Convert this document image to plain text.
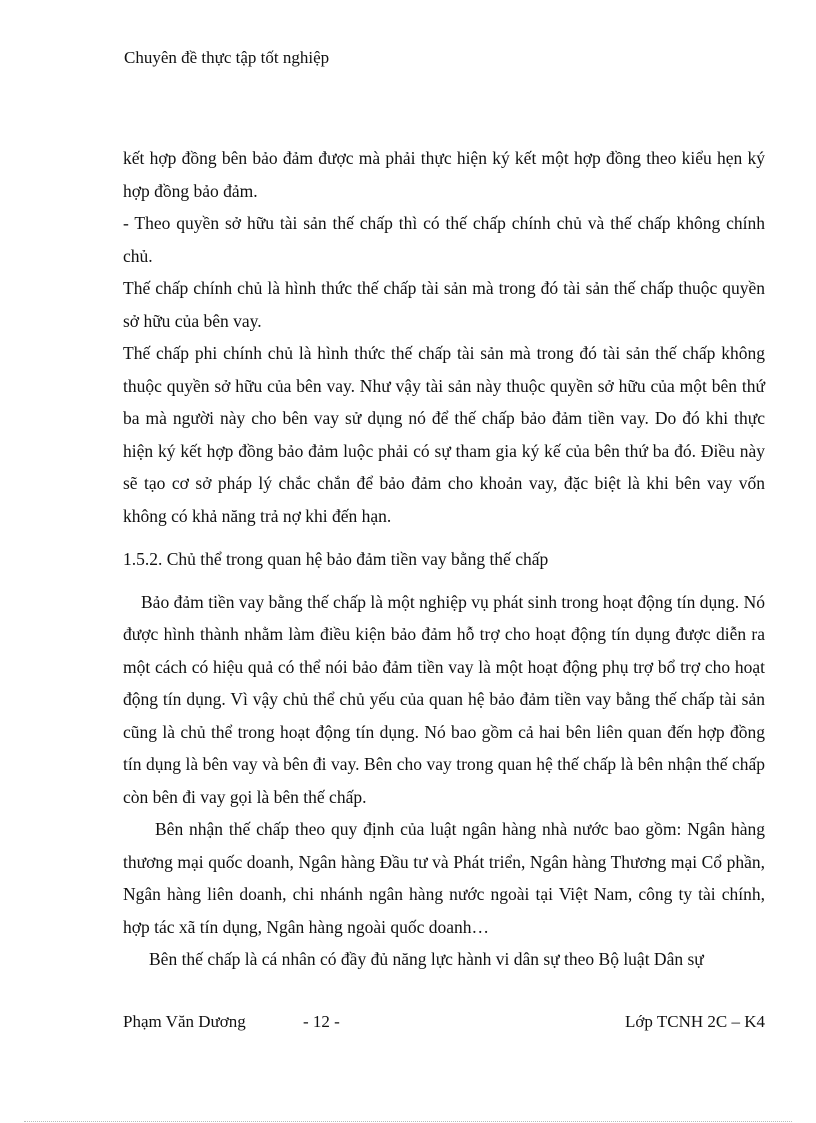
Chuyên đề thực tập tốt nghiệp

kết hợp đồng bên bảo đảm được mà phải thực hiện ký kết một hợp đồng theo kiểu hẹn ký hợp đồng bảo đảm.

- Theo quyền sở hữu tài sản thế chấp thì có thế chấp chính chủ và thế chấp không chính chủ.

Thế chấp chính chủ là hình thức thế chấp tài sản mà trong đó tài sản thế chấp thuộc quyền sở hữu của bên vay.

Thế chấp phi chính chủ là hình thức thế chấp tài sản mà trong đó tài sản thế chấp không thuộc quyền sở hữu của bên vay. Như vậy tài sản này thuộc quyền sở hữu của một bên thứ ba mà người này cho bên vay sử dụng nó để thế chấp bảo đảm tiền vay. Do đó khi thực hiện ký kết hợp đồng bảo đảm luộc phải có sự tham gia ký kế của bên thứ ba đó. Điều này sẽ tạo cơ sở pháp lý chắc chắn để bảo đảm cho khoản vay, đặc biệt là khi bên vay vốn không có khả năng trả nợ khi đến hạn.

1.5.2. Chủ thể trong quan hệ bảo đảm tiền vay bằng thế chấp

Bảo đảm tiền vay bằng thế chấp là một nghiệp vụ phát sinh trong hoạt động tín dụng. Nó được hình thành nhằm làm điều kiện bảo đảm hỗ trợ cho hoạt động tín dụng được diễn ra một cách có hiệu quả có thể nói bảo đảm tiền vay là một hoạt động phụ trợ bổ trợ cho hoạt động tín dụng. Vì vậy chủ thể chủ yếu của quan hệ bảo đảm tiền vay bằng thế chấp tài sản cũng là chủ thể trong hoạt động tín dụng. Nó bao gồm cả hai bên liên quan đến hợp đồng tín dụng là bên vay và bên đi vay. Bên cho vay trong quan hệ thế chấp là bên nhận thế chấp còn bên đi vay gọi là bên thế chấp.

Bên nhận thế chấp theo quy định của luật ngân hàng nhà nước bao gồm: Ngân hàng thương mại quốc doanh, Ngân hàng Đầu tư và Phát triển, Ngân hàng Thương mại Cổ phần, Ngân hàng liên doanh, chi nhánh ngân hàng nước ngoài tại Việt Nam, công ty tài chính, hợp tác xã tín dụng, Ngân hàng ngoài quốc doanh…

Bên thế chấp là cá nhân có đầy đủ năng lực hành vi dân sự theo Bộ luật Dân sự

Phạm Văn Dương	- 12 -	Lớp TCNH 2C – K4
